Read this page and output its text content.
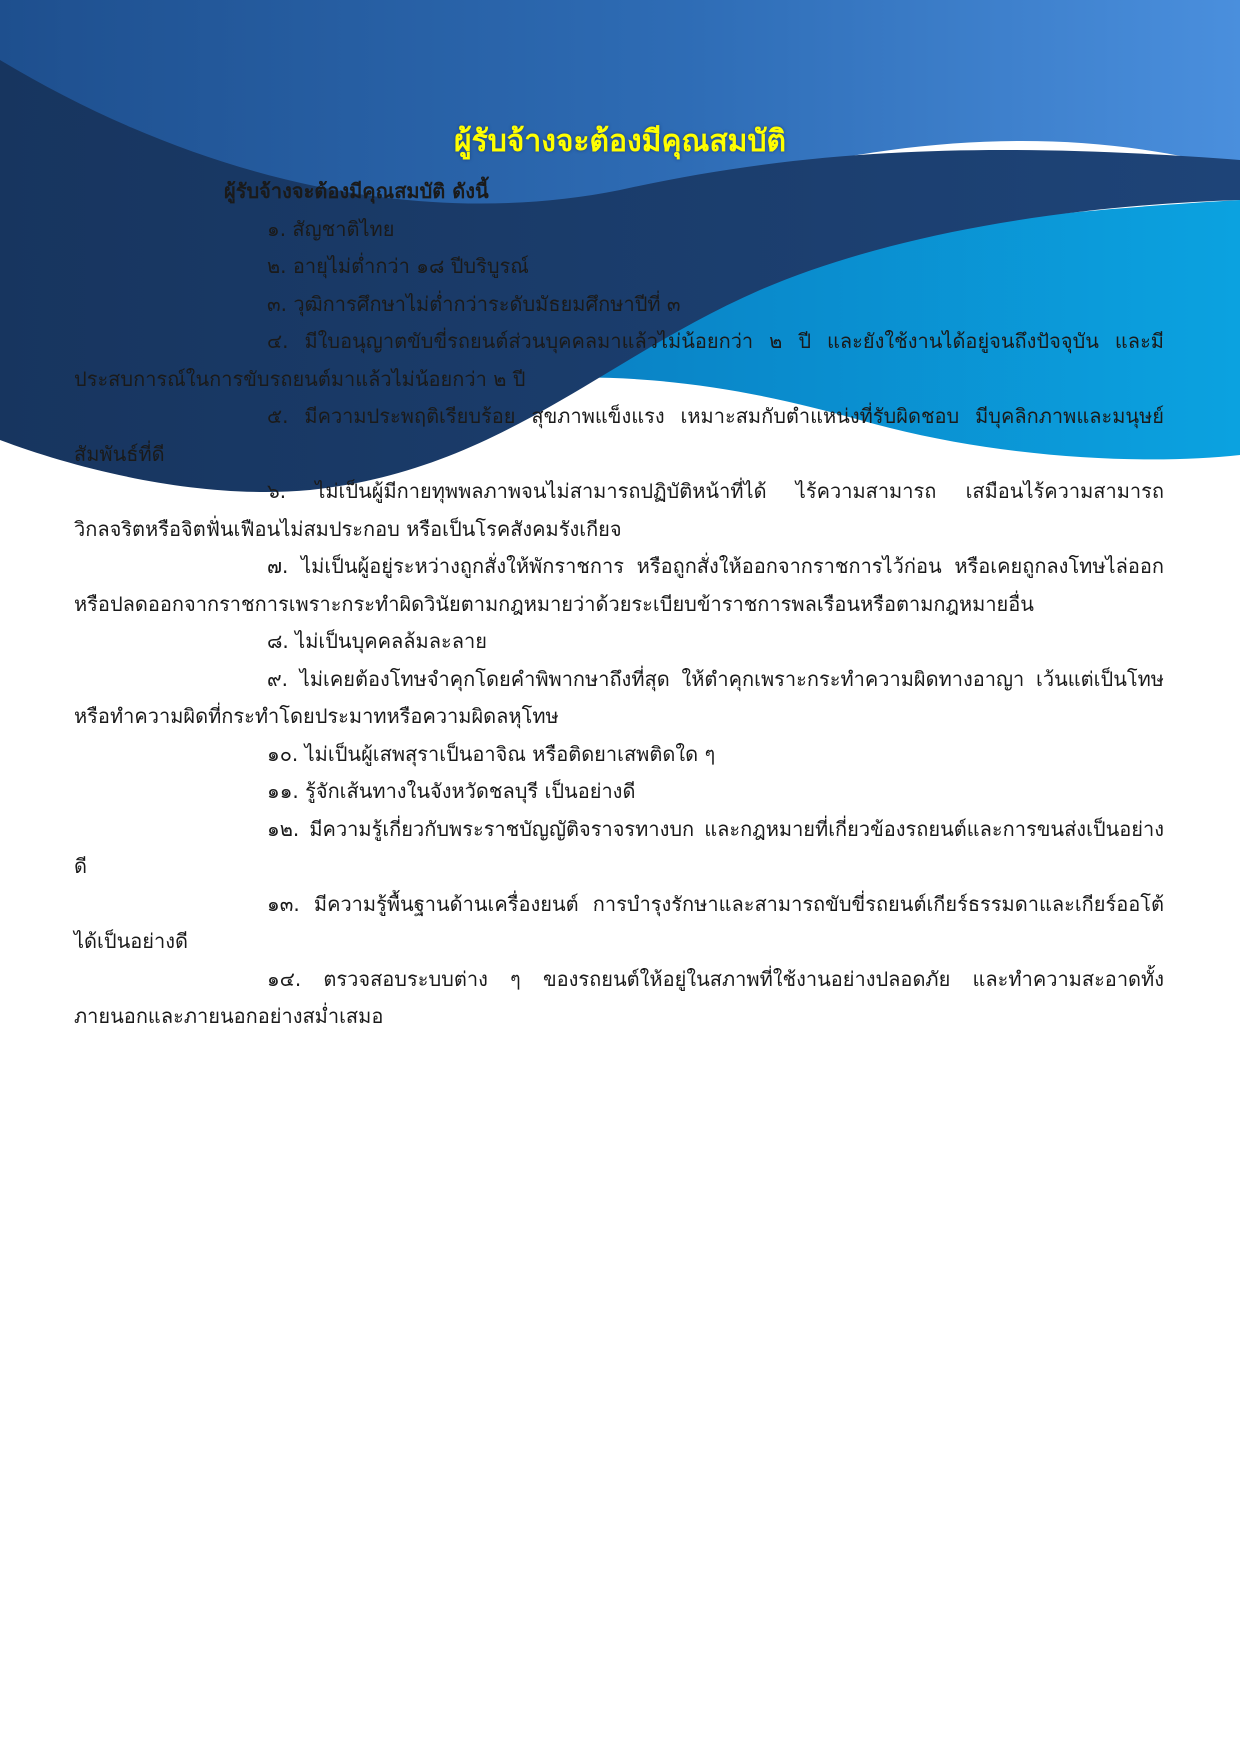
ผู้รับจ้างจะต้องมีคุณสมบัติ

ผู้รับจ้างจะต้องมีคุณสมบัติ ดังนี้

๑. สัญชาติไทย
๒. อายุไม่ต่ำกว่า ๑๘ ปีบริบูรณ์
๓. วุฒิการศึกษาไม่ต่ำกว่าระดับมัธยมศึกษาปีที่ ๓
๔. มีใบอนุญาตขับขี่รถยนต์ส่วนบุคคลมาแล้วไม่น้อยกว่า ๒ ปี และยังใช้งานได้อยู่จนถึงปัจจุบัน และมีประสบการณ์ในการขับรถยนต์มาแล้วไม่น้อยกว่า ๒ ปี
๕. มีความประพฤติเรียบร้อย สุขภาพแข็งแรง เหมาะสมกับตำแหน่งที่รับผิดชอบ มีบุคลิกภาพและมนุษย์สัมพันธ์ที่ดี
๖. ไม่เป็นผู้มีกายทุพพลภาพจนไม่สามารถปฏิบัติหน้าที่ได้ ไร้ความสามารถ เสมือนไร้ความสามารถ วิกลจริตหรือจิตฟั่นเฟือนไม่สมประกอบ หรือเป็นโรคสังคมรังเกียจ
๗. ไม่เป็นผู้อยู่ระหว่างถูกสั่งให้พักราชการ หรือถูกสั่งให้ออกจากราชการไว้ก่อน หรือเคยถูกลงโทษไล่ออกหรือปลดออกจากราชการเพราะกระทำผิดวินัยตามกฎหมายว่าด้วยระเบียบข้าราชการพลเรือนหรือตามกฎหมายอื่น
๘. ไม่เป็นบุคคลล้มละลาย
๙. ไม่เคยต้องโทษจำคุกโดยคำพิพากษาถึงที่สุด ให้ตำคุกเพราะกระทำความผิดทางอาญา เว้นแต่เป็นโทษหรือทำความผิดที่กระทำโดยประมาทหรือความผิดลหุโทษ
๑๐. ไม่เป็นผู้เสพสุราเป็นอาจิณ หรือติดยาเสพติดใด ๆ
๑๑. รู้จักเส้นทางในจังหวัดชลบุรี เป็นอย่างดี
๑๒. มีความรู้เกี่ยวกับพระราชบัญญัติจราจรทางบก และกฎหมายที่เกี่ยวข้องรถยนต์และการขนส่งเป็นอย่างดี
๑๓. มีความรู้พื้นฐานด้านเครื่องยนต์ การบำรุงรักษาและสามารถขับขี่รถยนต์เกียร์ธรรมดาและเกียร์ออโต้ได้เป็นอย่างดี
๑๔. ตรวจสอบระบบต่าง ๆ ของรถยนต์ให้อยู่ในสภาพที่ใช้งานอย่างปลอดภัย และทำความสะอาดทั้งภายนอกและภายนอกอย่างสม่ำเสมอ
